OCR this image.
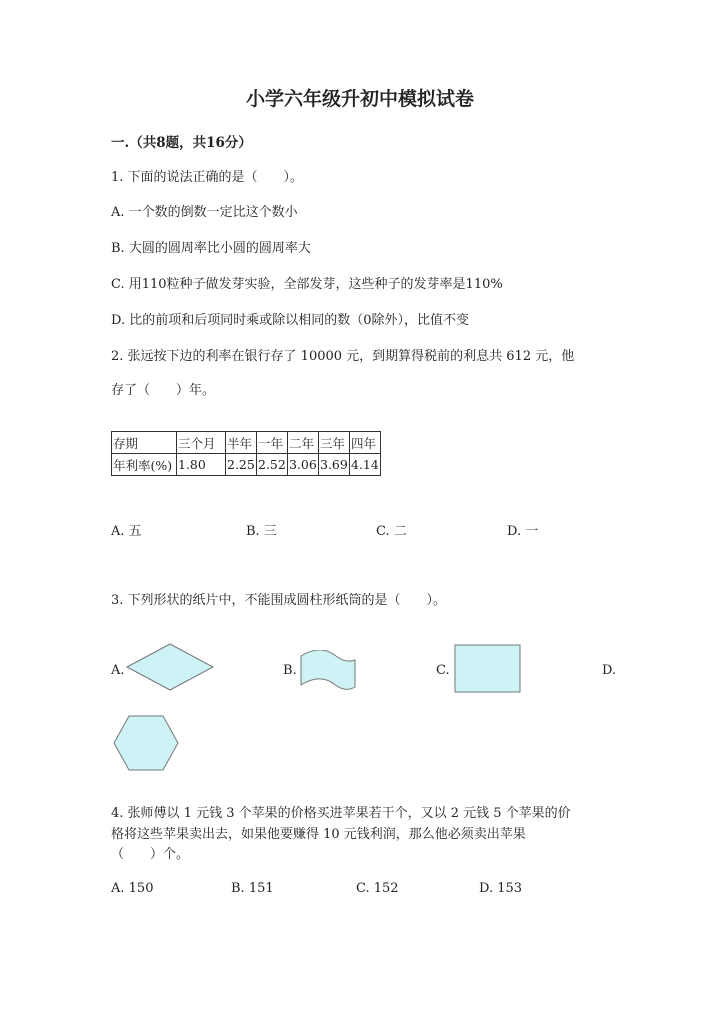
小学六年级升初中模拟试卷
一.（共8题，共16分）
1. 下面的说法正确的是（　　）。
A. 一个数的倒数一定比这个数小
B. 大圆的圆周率比小圆的圆周率大
C. 用110粒种子做发芽实验，全部发芽，这些种子的发芽率是110%
D. 比的前项和后项同时乘或除以相同的数（0除外），比值不变
2. 张远按下边的利率在银行存了 10000 元，到期算得税前的利息共 612 元，他
存了（　　）年。
存期	三个月	半年	一年	二年	三年	四年
年利率(%)	1.80	2.25	2.52	3.06	3.69	4.14
A. 五	B. 三	C. 二	D. 一
3. 下列形状的纸片中，不能围成圆柱形纸筒的是（　　）。
A.	B.	C.	D.
4. 张师傅以 1 元钱 3 个苹果的价格买进苹果若干个，又以 2 元钱 5 个苹果的价
格将这些苹果卖出去，如果他要赚得 10 元钱利润，那么他必须卖出苹果
（　　）个。
A. 150	B. 151	C. 152	D. 153
